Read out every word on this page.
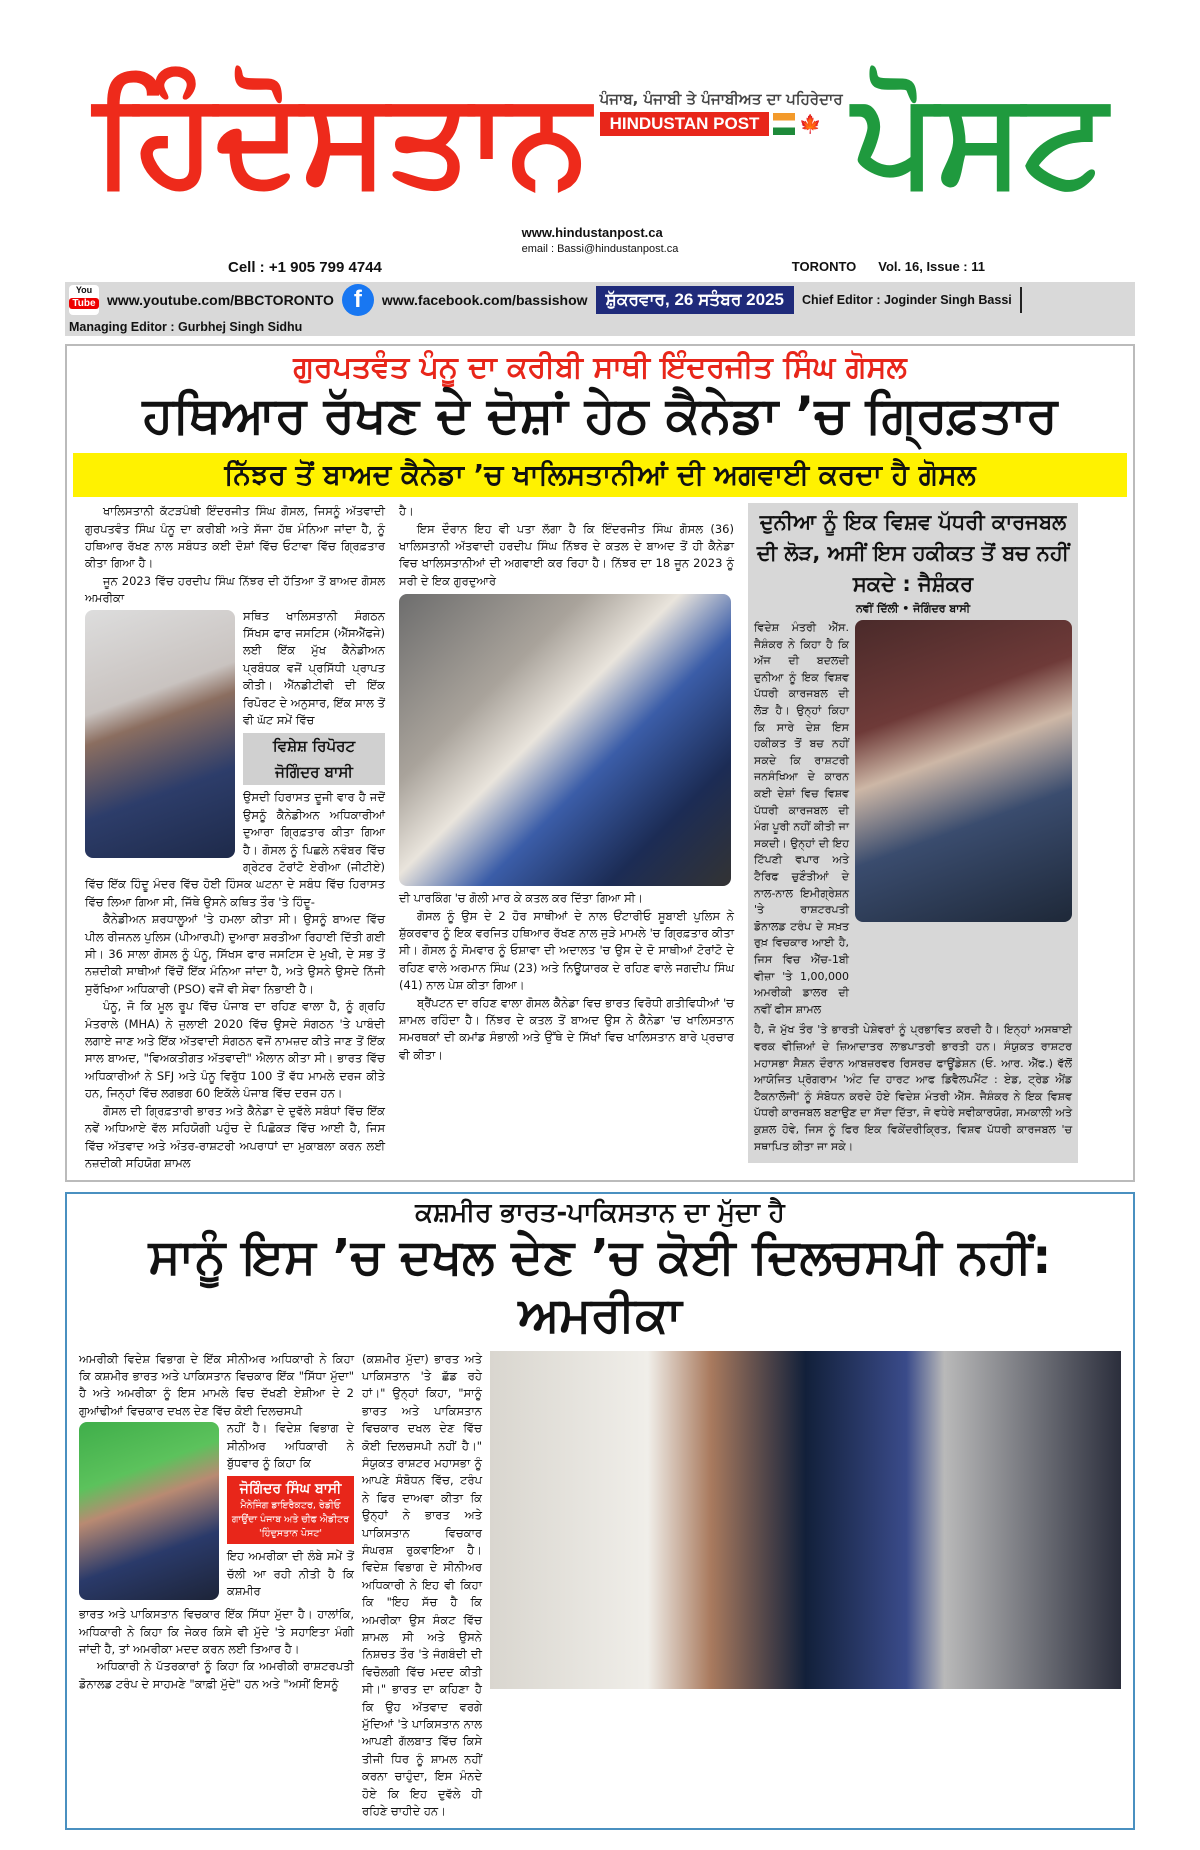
ਹਿੰਦੋਸਤਾਨ ਪੰਜਾਬ, ਪੰਜਾਬੀ ਤੇ ਪੰਜਾਬੀਅਤ ਦਾ ਪਹਿਰੇਦਾਰ
HINDUSTAN POST	🍁 ਪੋਸਟ
www.hindustanpost.ca
email : Bassi@hindustanpost.ca
Cell : +1 905 799 4744	TORONTO Vol. 16, Issue : 11
You
Tube www.youtube.com/BBCTORONTO f	www.facebook.com/bassishow	ਸ਼ੁੱਕਰਵਾਰ, 26 ਸਤੰਬਰ 2025	Chief Editor : Joginder Singh Bassi
Managing Editor : Gurbhej Singh Sidhu
ਗੁਰਪਤਵੰਤ ਪੰਨੂ ਦਾ ਕਰੀਬੀ ਸਾਥੀ ਇੰਦਰਜੀਤ ਸਿੰਘ ਗੋਸਲ
ਹਥਿਆਰ ਰੱਖਣ ਦੇ ਦੋਸ਼ਾਂ ਹੇਠ ਕੈਨੇਡਾ ’ਚ ਗ੍ਰਿਫ਼ਤਾਰ
ਨਿੱਝਰ ਤੋਂ ਬਾਅਦ ਕੈਨੇਡਾ ’ਚ ਖਾਲਿਸਤਾਨੀਆਂ ਦੀ ਅਗਵਾਈ ਕਰਦਾ ਹੈ ਗੋਸਲ

ਖਾਲਿਸਤਾਨੀ ਕੱਟੜਪੰਥੀ ਇੰਦਰਜੀਤ ਸਿੰਘ ਗੋਸਲ, ਜਿਸਨੂੰ ਅੱਤਵਾਦੀ ਗੁਰਪਤਵੰਤ ਸਿੰਘ ਪੰਨੂ ਦਾ ਕਰੀਬੀ ਅਤੇ ਸੱਜਾ ਹੱਥ ਮੰਨਿਆ ਜਾਂਦਾ ਹੈ, ਨੂੰ ਹਥਿਆਰ ਰੱਖਣ ਨਾਲ ਸਬੰਧਤ ਕਈ ਦੋਸ਼ਾਂ ਵਿੱਚ ਓਟਾਵਾ ਵਿੱਚ ਗ੍ਰਿਫ਼ਤਾਰ ਕੀਤਾ ਗਿਆ ਹੈ।

ਜੂਨ 2023 ਵਿੱਚ ਹਰਦੀਪ ਸਿੰਘ ਨਿੱਝਰ ਦੀ ਹੱਤਿਆ ਤੋਂ ਬਾਅਦ ਗੋਸਲ ਅਮਰੀਕਾ

ਸਥਿਤ ਖਾਲਿਸਤਾਨੀ ਸੰਗਠਨ ਸਿੱਖਸ ਫਾਰ ਜਸਟਿਸ (ਐੱਸਐੱਫਜੇ) ਲਈ ਇੱਕ ਮੁੱਖ ਕੈਨੇਡੀਅਨ ਪ੍ਰਬੰਧਕ ਵਜੋਂ ਪ੍ਰਸਿੱਧੀ ਪ੍ਰਾਪਤ ਕੀਤੀ। ਐੱਨਡੀਟੀਵੀ ਦੀ ਇੱਕ ਰਿਪੋਰਟ ਦੇ ਅਨੁਸਾਰ, ਇੱਕ ਸਾਲ ਤੋਂ ਵੀ ਘੱਟ ਸਮੇਂ ਵਿੱਚ
ਵਿਸ਼ੇਸ਼ ਰਿਪੋਰਟ
ਜੋਗਿੰਦਰ ਬਾਸੀ
ਉਸਦੀ ਹਿਰਾਸਤ ਦੂਜੀ ਵਾਰ ਹੈ ਜਦੋਂ ਉਸਨੂੰ ਕੈਨੇਡੀਅਨ ਅਧਿਕਾਰੀਆਂ ਦੁਆਰਾ ਗ੍ਰਿਫ਼ਤਾਰ ਕੀਤਾ ਗਿਆ ਹੈ। ਗੋਸਲ ਨੂੰ ਪਿਛਲੇ ਨਵੰਬਰ ਵਿੱਚ ਗ੍ਰੇਟਰ ਟੋਰਾਂਟੋ ਏਰੀਆ (ਜੀਟੀਏ) ਵਿੱਚ ਇੱਕ ਹਿੰਦੂ ਮੰਦਰ ਵਿੱਚ ਹੋਈ ਹਿੰਸਕ ਘਟਨਾ ਦੇ ਸਬੰਧ ਵਿੱਚ ਹਿਰਾਸਤ ਵਿੱਚ ਲਿਆ ਗਿਆ ਸੀ, ਜਿੱਥੇ ਉਸਨੇ ਕਥਿਤ ਤੌਰ 'ਤੇ ਹਿੰਦੂ-

ਕੈਨੇਡੀਅਨ ਸ਼ਰਧਾਲੂਆਂ 'ਤੇ ਹਮਲਾ ਕੀਤਾ ਸੀ। ਉਸਨੂੰ ਬਾਅਦ ਵਿੱਚ ਪੀਲ ਰੀਜਨਲ ਪੁਲਿਸ (ਪੀਆਰਪੀ) ਦੁਆਰਾ ਸ਼ਰਤੀਆ ਰਿਹਾਈ ਦਿੱਤੀ ਗਈ ਸੀ। 36 ਸਾਲਾ ਗੋਸਲ ਨੂੰ ਪੰਨੂ, ਸਿੱਖਸ ਫਾਰ ਜਸਟਿਸ ਦੇ ਮੁਖੀ, ਦੇ ਸਭ ਤੋਂ ਨਜ਼ਦੀਕੀ ਸਾਥੀਆਂ ਵਿੱਚੋਂ ਇੱਕ ਮੰਨਿਆ ਜਾਂਦਾ ਹੈ, ਅਤੇ ਉਸਨੇ ਉਸਦੇ ਨਿੱਜੀ ਸੁਰੱਖਿਆ ਅਧਿਕਾਰੀ (PSO) ਵਜੋਂ ਵੀ ਸੇਵਾ ਨਿਭਾਈ ਹੈ।

ਪੰਨੂ, ਜੋ ਕਿ ਮੂਲ ਰੂਪ ਵਿੱਚ ਪੰਜਾਬ ਦਾ ਰਹਿਣ ਵਾਲਾ ਹੈ, ਨੂੰ ਗ੍ਰਹਿ ਮੰਤਰਾਲੇ (MHA) ਨੇ ਜੁਲਾਈ 2020 ਵਿੱਚ ਉਸਦੇ ਸੰਗਠਨ 'ਤੇ ਪਾਬੰਦੀ ਲਗਾਏ ਜਾਣ ਅਤੇ ਇੱਕ ਅੱਤਵਾਦੀ ਸੰਗਠਨ ਵਜੋਂ ਨਾਮਜ਼ਦ ਕੀਤੇ ਜਾਣ ਤੋਂ ਇੱਕ ਸਾਲ ਬਾਅਦ, "ਵਿਅਕਤੀਗਤ ਅੱਤਵਾਦੀ" ਐਲਾਨ ਕੀਤਾ ਸੀ। ਭਾਰਤ ਵਿੱਚ ਅਧਿਕਾਰੀਆਂ ਨੇ SFJ ਅਤੇ ਪੰਨੂ ਵਿਰੁੱਧ 100 ਤੋਂ ਵੱਧ ਮਾਮਲੇ ਦਰਜ ਕੀਤੇ ਹਨ, ਜਿਨ੍ਹਾਂ ਵਿੱਚ ਲਗਭਗ 60 ਇਕੱਲੇ ਪੰਜਾਬ ਵਿੱਚ ਦਰਜ ਹਨ।

ਗੋਸਲ ਦੀ ਗ੍ਰਿਫ਼ਤਾਰੀ ਭਾਰਤ ਅਤੇ ਕੈਨੇਡਾ ਦੇ ਦੁਵੱਲੇ ਸਬੰਧਾਂ ਵਿੱਚ ਇੱਕ ਨਵੇਂ ਅਧਿਆਏ ਵੱਲ ਸਹਿਯੋਗੀ ਪਹੁੰਚ ਦੇ ਪਿਛੋਕੜ ਵਿੱਚ ਆਈ ਹੈ, ਜਿਸ ਵਿੱਚ ਅੱਤਵਾਦ ਅਤੇ ਅੰਤਰ-ਰਾਸ਼ਟਰੀ ਅਪਰਾਧਾਂ ਦਾ ਮੁਕਾਬਲਾ ਕਰਨ ਲਈ ਨਜ਼ਦੀਕੀ ਸਹਿਯੋਗ ਸ਼ਾਮਲ

ਹੈ।

ਇਸ ਦੌਰਾਨ ਇਹ ਵੀ ਪਤਾ ਲੱਗਾ ਹੈ ਕਿ ਇੰਦਰਜੀਤ ਸਿੰਘ ਗੋਸਲ (36) ਖਾਲਿਸਤਾਨੀ ਅੱਤਵਾਦੀ ਹਰਦੀਪ ਸਿੰਘ ਨਿੱਝਰ ਦੇ ਕਤਲ ਦੇ ਬਾਅਦ ਤੋਂ ਹੀ ਕੈਨੇਡਾ ਵਿਚ ਖਾਲਿਸਤਾਨੀਆਂ ਦੀ ਅਗਵਾਈ ਕਰ ਰਿਹਾ ਹੈ। ਨਿੱਝਰ ਦਾ 18 ਜੂਨ 2023 ਨੂੰ ਸਰੀ ਦੇ ਇਕ ਗੁਰਦੁਆਰੇ

ਦੀ ਪਾਰਕਿੰਗ 'ਚ ਗੋਲੀ ਮਾਰ ਕੇ ਕਤਲ ਕਰ ਦਿੱਤਾ ਗਿਆ ਸੀ।

ਗੋਸਲ ਨੂੰ ਉਸ ਦੇ 2 ਹੋਰ ਸਾਥੀਆਂ ਦੇ ਨਾਲ ਓਂਟਾਰੀਓ ਸੂਬਾਈ ਪੁਲਿਸ ਨੇ ਸ਼ੁੱਕਰਵਾਰ ਨੂੰ ਇਕ ਵਰਜਿਤ ਹਥਿਆਰ ਰੱਖਣ ਨਾਲ ਜੁੜੇ ਮਾਮਲੇ 'ਚ ਗ੍ਰਿਫ਼ਤਾਰ ਕੀਤਾ ਸੀ। ਗੋਸਲ ਨੂੰ ਸੋਮਵਾਰ ਨੂੰ ਓਸ਼ਾਵਾ ਦੀ ਅਦਾਲਤ 'ਚ ਉਸ ਦੇ ਦੋ ਸਾਥੀਆਂ ਟੋਰਾਂਟੋ ਦੇ ਰਹਿਣ ਵਾਲੇ ਅਰਮਾਨ ਸਿੰਘ (23) ਅਤੇ ਨਿਊਯਾਰਕ ਦੇ ਰਹਿਣ ਵਾਲੇ ਜਗਦੀਪ ਸਿੰਘ (41) ਨਾਲ ਪੇਸ਼ ਕੀਤਾ ਗਿਆ।

ਬ੍ਰੈਂਪਟਨ ਦਾ ਰਹਿਣ ਵਾਲਾ ਗੋਸਲ ਕੈਨੇਡਾ ਵਿਚ ਭਾਰਤ ਵਿਰੋਧੀ ਗਤੀਵਿਧੀਆਂ 'ਚ ਸ਼ਾਮਲ ਰਹਿੰਦਾ ਹੈ। ਨਿੱਝਰ ਦੇ ਕਤਲ ਤੋਂ ਬਾਅਦ ਉਸ ਨੇ ਕੈਨੇਡਾ 'ਚ ਖਾਲਿਸਤਾਨ ਸਮਰਥਕਾਂ ਦੀ ਕਮਾਂਡ ਸੰਭਾਲੀ ਅਤੇ ਉੱਥੇ ਦੇ ਸਿੱਖਾਂ ਵਿਚ ਖਾਲਿਸਤਾਨ ਬਾਰੇ ਪ੍ਰਚਾਰ ਵੀ ਕੀਤਾ।

ਦੁਨੀਆ ਨੂੰ ਇਕ ਵਿਸ਼ਵ ਪੱਧਰੀ ਕਾਰਜਬਲ ਦੀ ਲੋੜ, ਅਸੀਂ ਇਸ ਹਕੀਕਤ ਤੋਂ ਬਚ ਨਹੀਂ ਸਕਦੇ : ਜੈਸ਼ੰਕਰ
ਨਵੀਂ ਦਿੱਲੀ • ਜੋਗਿੰਦਰ ਬਾਸੀ
ਵਿਦੇਸ਼ ਮੰਤਰੀ ਐੱਸ. ਜੈਸ਼ੰਕਰ ਨੇ ਕਿਹਾ ਹੈ ਕਿ ਅੱਜ ਦੀ ਬਦਲਦੀ ਦੁਨੀਆ ਨੂੰ ਇਕ ਵਿਸ਼ਵ ਪੱਧਰੀ ਕਾਰਜਬਲ ਦੀ ਲੋੜ ਹੈ। ਉਨ੍ਹਾਂ ਕਿਹਾ ਕਿ ਸਾਰੇ ਦੇਸ਼ ਇਸ ਹਕੀਕਤ ਤੋਂ ਬਚ ਨਹੀਂ ਸਕਦੇ ਕਿ ਰਾਸ਼ਟਰੀ ਜਨਸੰਖਿਆ ਦੇ ਕਾਰਨ ਕਈ ਦੇਸ਼ਾਂ ਵਿਚ ਵਿਸ਼ਵ ਪੱਧਰੀ ਕਾਰਜਬਲ ਦੀ ਮੰਗ ਪੂਰੀ ਨਹੀਂ ਕੀਤੀ ਜਾ ਸਕਦੀ। ਉਨ੍ਹਾਂ ਦੀ ਇਹ ਟਿੱਪਣੀ ਵਪਾਰ ਅਤੇ ਟੈਰਿਫ ਚੁਣੌਤੀਆਂ ਦੇ ਨਾਲ-ਨਾਲ ਇਮੀਗ੍ਰੇਸ਼ਨ 'ਤੇ ਰਾਸ਼ਟਰਪਤੀ ਡੋਨਾਲਡ ਟਰੰਪ ਦੇ ਸਖ਼ਤ ਰੁਖ਼ ਵਿਚਕਾਰ ਆਈ ਹੈ, ਜਿਸ ਵਿਚ ਐੱਚ-1ਬੀ ਵੀਜ਼ਾ 'ਤੇ 1,00,000 ਅਮਰੀਕੀ ਡਾਲਰ ਦੀ ਨਵੀਂ ਫੀਸ ਸ਼ਾਮਲ
ਹੈ, ਜੋ ਮੁੱਖ ਤੌਰ 'ਤੇ ਭਾਰਤੀ ਪੇਸ਼ੇਵਰਾਂ ਨੂੰ ਪ੍ਰਭਾਵਿਤ ਕਰਦੀ ਹੈ। ਇਨ੍ਹਾਂ ਅਸਥਾਈ ਵਰਕ ਵੀਜ਼ਿਆਂ ਦੇ ਜ਼ਿਆਦਾਤਰ ਲਾਭਪਾਤਰੀ ਭਾਰਤੀ ਹਨ। ਸੰਯੁਕਤ ਰਾਸ਼ਟਰ ਮਹਾਸਭਾ ਸੈਸ਼ਨ ਦੌਰਾਨ ਆਬਜ਼ਰਵਰ ਰਿਸਰਚ ਫਾਊਂਡੇਸ਼ਨ (ਓ. ਆਰ. ਐੱਫ.) ਵੱਲੋਂ ਆਯੋਜਿਤ ਪ੍ਰੋਗਰਾਮ 'ਅੰਟ ਦਿ ਹਾਰਟ ਆਫ ਡਿਵੈਲਪਮੈਂਟ : ਏਡ, ਟ੍ਰੇਡ ਐਂਡ ਟੈਕਨਾਲੋਜੀ' ਨੂੰ ਸੰਬੋਧਨ ਕਰਦੇ ਹੋਏ ਵਿਦੇਸ਼ ਮੰਤਰੀ ਐੱਸ. ਜੈਸ਼ੰਕਰ ਨੇ ਇਕ ਵਿਸ਼ਵ ਪੱਧਰੀ ਕਾਰਜਬਲ ਬਣਾਉਣ ਦਾ ਸੱਦਾ ਦਿੱਤਾ, ਜੋ ਵਧੇਰੇ ਸਵੀਕਾਰਯੋਗ, ਸਮਕਾਲੀ ਅਤੇ ਕੁਸ਼ਲ ਹੋਵੇ, ਜਿਸ ਨੂੰ ਫਿਰ ਇਕ ਵਿਕੇਂਦਰੀਕ੍ਰਿਤ, ਵਿਸ਼ਵ ਪੱਧਰੀ ਕਾਰਜਬਲ 'ਚ ਸਥਾਪਿਤ ਕੀਤਾ ਜਾ ਸਕੇ।
ਕਸ਼ਮੀਰ ਭਾਰਤ-ਪਾਕਿਸਤਾਨ ਦਾ ਮੁੱਦਾ ਹੈ
ਸਾਨੂੰ ਇਸ ’ਚ ਦਖਲ ਦੇਣ ’ਚ ਕੋਈ ਦਿਲਚਸਪੀ ਨਹੀਂ: ਅਮਰੀਕਾ
ਅਮਰੀਕੀ ਵਿਦੇਸ਼ ਵਿਭਾਗ ਦੇ ਇੱਕ ਸੀਨੀਅਰ ਅਧਿਕਾਰੀ ਨੇ ਕਿਹਾ ਕਿ ਕਸ਼ਮੀਰ ਭਾਰਤ ਅਤੇ ਪਾਕਿਸਤਾਨ ਵਿਚਕਾਰ ਇੱਕ "ਸਿੱਧਾ ਮੁੱਦਾ" ਹੈ ਅਤੇ ਅਮਰੀਕਾ ਨੂੰ ਇਸ ਮਾਮਲੇ ਵਿਚ ਦੱਖਣੀ ਏਸ਼ੀਆ ਦੇ 2 ਗੁਆਂਢੀਆਂ ਵਿਚਕਾਰ ਦਖਲ ਦੇਣ ਵਿੱਚ ਕੋਈ ਦਿਲਚਸਪੀ
ਨਹੀਂ ਹੈ। ਵਿਦੇਸ਼ ਵਿਭਾਗ ਦੇ ਸੀਨੀਅਰ ਅਧਿਕਾਰੀ ਨੇ ਬੁੱਧਵਾਰ ਨੂੰ ਕਿਹਾ ਕਿ
ਜੋਗਿੰਦਰ ਸਿੰਘ ਬਾਸੀ
ਮੈਨੇਜਿੰਗ ਡਾਇਰੈਕਟਰ, ਰੇਡੀਓ ਗਾਉਂਦਾ ਪੰਜਾਬ ਅਤੇ ਚੀਫ ਐਡੀਟਰ 'ਹਿੰਦੁਸਤਾਨ ਪੋਸਟ'
ਇਹ ਅਮਰੀਕਾ ਦੀ ਲੰਬੇ ਸਮੇਂ ਤੋਂ ਚੱਲੀ ਆ ਰਹੀ ਨੀਤੀ ਹੈ ਕਿ ਕਸ਼ਮੀਰ

ਭਾਰਤ ਅਤੇ ਪਾਕਿਸਤਾਨ ਵਿਚਕਾਰ ਇੱਕ ਸਿੱਧਾ ਮੁੱਦਾ ਹੈ। ਹਾਲਾਂਕਿ, ਅਧਿਕਾਰੀ ਨੇ ਕਿਹਾ ਕਿ ਜੇਕਰ ਕਿਸੇ ਵੀ ਮੁੱਦੇ 'ਤੇ ਸਹਾਇਤਾ ਮੰਗੀ ਜਾਂਦੀ ਹੈ, ਤਾਂ ਅਮਰੀਕਾ ਮਦਦ ਕਰਨ ਲਈ ਤਿਆਰ ਹੈ।

ਅਧਿਕਾਰੀ ਨੇ ਪੱਤਰਕਾਰਾਂ ਨੂੰ ਕਿਹਾ ਕਿ ਅਮਰੀਕੀ ਰਾਸ਼ਟਰਪਤੀ ਡੋਨਾਲਡ ਟਰੰਪ ਦੇ ਸਾਹਮਣੇ "ਕਾਫ਼ੀ ਮੁੱਦੇ" ਹਨ ਅਤੇ "ਅਸੀਂ ਇਸਨੂੰ

(ਕਸ਼ਮੀਰ ਮੁੱਦਾ) ਭਾਰਤ ਅਤੇ ਪਾਕਿਸਤਾਨ 'ਤੇ ਛੱਡ ਰਹੇ ਹਾਂ।" ਉਨ੍ਹਾਂ ਕਿਹਾ, "ਸਾਨੂੰ ਭਾਰਤ ਅਤੇ ਪਾਕਿਸਤਾਨ ਵਿਚਕਾਰ ਦਖਲ ਦੇਣ ਵਿੱਚ ਕੋਈ ਦਿਲਚਸਪੀ ਨਹੀਂ ਹੈ।" ਸੰਯੁਕਤ ਰਾਸ਼ਟਰ ਮਹਾਸਭਾ ਨੂੰ ਆਪਣੇ ਸੰਬੋਧਨ ਵਿੱਚ, ਟਰੰਪ ਨੇ ਫਿਰ ਦਾਅਵਾ ਕੀਤਾ ਕਿ ਉਨ੍ਹਾਂ ਨੇ ਭਾਰਤ ਅਤੇ ਪਾਕਿਸਤਾਨ ਵਿਚਕਾਰ ਸੰਘਰਸ਼ ਰੁਕਵਾਇਆ ਹੈ। ਵਿਦੇਸ਼ ਵਿਭਾਗ ਦੇ ਸੀਨੀਅਰ ਅਧਿਕਾਰੀ ਨੇ ਇਹ ਵੀ ਕਿਹਾ ਕਿ "ਇਹ ਸੱਚ ਹੈ ਕਿ ਅਮਰੀਕਾ ਉਸ ਸੰਕਟ ਵਿੱਚ ਸ਼ਾਮਲ ਸੀ ਅਤੇ ਉਸਨੇ ਨਿਸ਼ਚਤ ਤੌਰ 'ਤੇ ਜੰਗਬੰਦੀ ਦੀ ਵਿਚੋਲਗੀ ਵਿੱਚ ਮਦਦ ਕੀਤੀ ਸੀ।" ਭਾਰਤ ਦਾ ਕਹਿਣਾ ਹੈ ਕਿ ਉਹ ਅੱਤਵਾਦ ਵਰਗੇ ਮੁੱਦਿਆਂ 'ਤੇ ਪਾਕਿਸਤਾਨ ਨਾਲ ਆਪਣੀ ਗੱਲਬਾਤ ਵਿੱਚ ਕਿਸੇ ਤੀਜੀ ਧਿਰ ਨੂੰ ਸ਼ਾਮਲ ਨਹੀਂ ਕਰਨਾ ਚਾਹੁੰਦਾ, ਇਸ ਮੰਨਦੇ ਹੋਏ ਕਿ ਇਹ ਦੁਵੱਲੇ ਹੀ ਰਹਿਣੇ ਚਾਹੀਦੇ ਹਨ।
